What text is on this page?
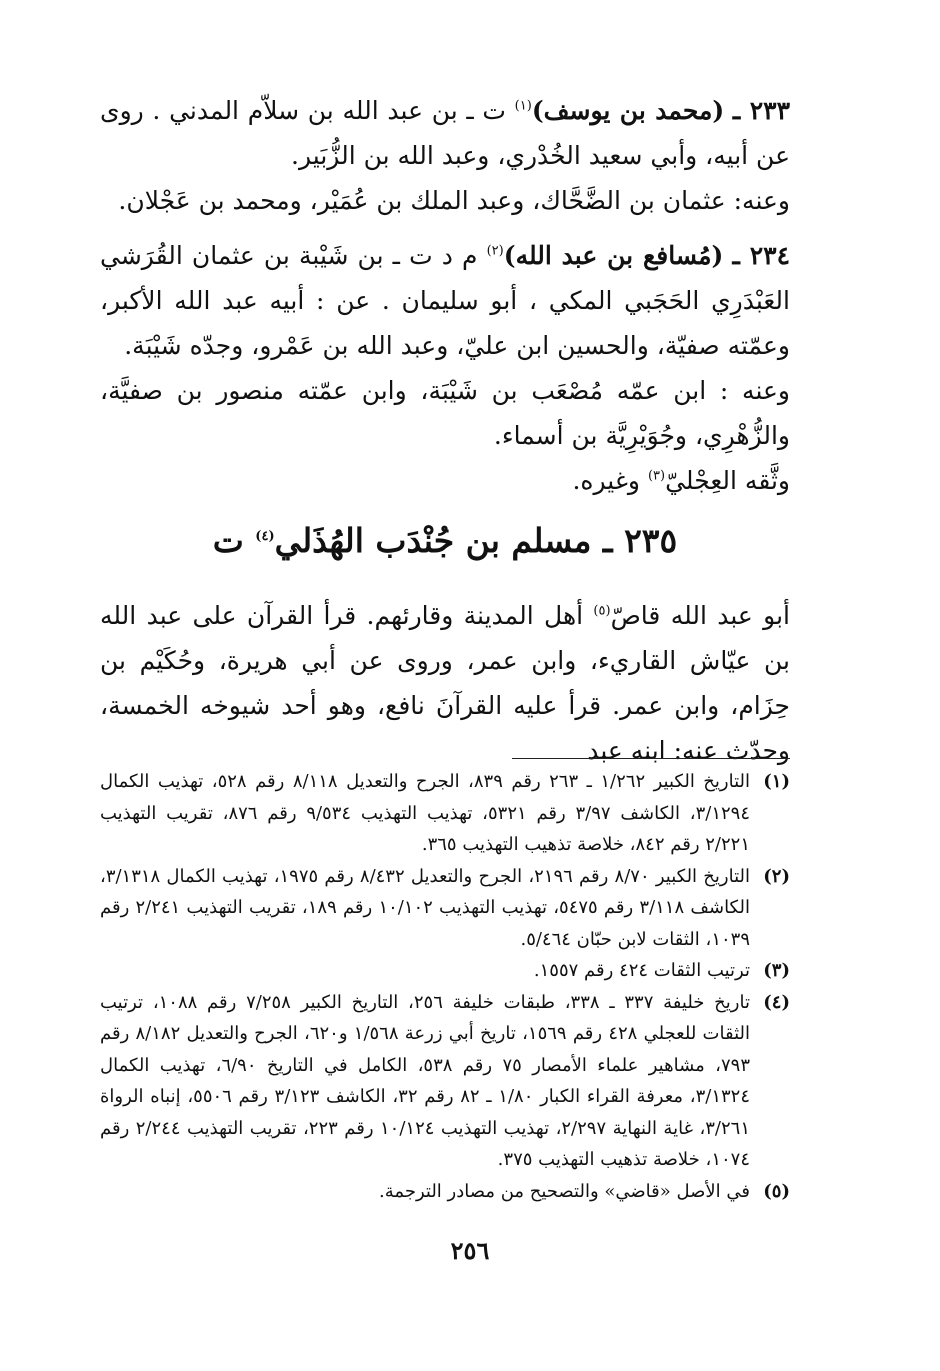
٢٣٣ ـ (محمد بن يوسف)$^{(١)}$ ت ـ بن عبد الله بن سلاّم المدني . روى عن أبيه، وأبي سعيد الخُدْري، وعبد الله بن الزُّبَير.

وعنه: عثمان بن الضَّحَّاك، وعبد الملك بن عُمَيْر، ومحمد بن عَجْلان.

٢٣٤ ـ (مُسافع بن عبد الله)$^{(٢)}$ م د ت ـ بن شَيْبة بن عثمان القُرَشي العَبْدَرِي الحَجَبي المكي ، أبو سليمان . عن : أبيه عبد الله الأكبر، وعمّته صفيّة، والحسين ابن عليّ، وعبد الله بن عَمْرو، وجدّه شَيْبَة.

وعنه : ابن عمّه مُصْعَب بن شَيْبَة، وابن عمّته منصور بن صفيَّة، والزُّهْرِي، وجُوَيْرِيَّة بن أسماء.

وثَّقه العِجْليّ$^{(٣)}$ وغيره.

٢٣٥ ـ مسلم بن جُنْدَب الهُذَلي$^{(٤)}$ ت

أبو عبد الله قاصّ$^{(٥)}$ أهل المدينة وقارئهم. قرأ القرآن على عبد الله بن عيّاش القاريء، وابن عمر، وروى عن أبي هريرة، وحُكَيْم بن حِزَام، وابن عمر. قرأ عليه القرآنَ نافع، وهو أحد شيوخه الخمسة، وحدّث عنه: ابنه عبد

(١)
التاريخ الكبير ١/٢٦٢ ـ ٢٦٣ رقم ٨٣٩، الجرح والتعديل ٨/١١٨ رقم ٥٢٨، تهذيب الكمال ٣/١٢٩٤، الكاشف ٣/٩٧ رقم ٥٣٢١، تهذيب التهذيب ٩/٥٣٤ رقم ٨٧٦، تقريب التهذيب ٢/٢٢١ رقم ٨٤٢، خلاصة تذهيب التهذيب ٣٦٥.
(٢)
التاريخ الكبير ٨/٧٠ رقم ٢١٩٦، الجرح والتعديل ٨/٤٣٢ رقم ١٩٧٥، تهذيب الكمال ٣/١٣١٨، الكاشف ٣/١١٨ رقم ٥٤٧٥، تهذيب التهذيب ١٠/١٠٢ رقم ١٨٩، تقريب التهذيب ٢/٢٤١ رقم ١٠٣٩، الثقات لابن حبّان ٥/٤٦٤.
(٣)
ترتيب الثقات ٤٢٤ رقم ١٥٥٧.
(٤)
تاريخ خليفة ٣٣٧ ـ ٣٣٨، طبقات خليفة ٢٥٦، التاريخ الكبير ٧/٢٥٨ رقم ١٠٨٨، ترتيب الثقات للعجلي ٤٢٨ رقم ١٥٦٩، تاريخ أبي زرعة ١/٥٦٨ و٦٢٠، الجرح والتعديل ٨/١٨٢ رقم ٧٩٣، مشاهير علماء الأمصار ٧٥ رقم ٥٣٨، الكامل في التاريخ ٦/٩٠، تهذيب الكمال ٣/١٣٢٤، معرفة القراء الكبار ١/٨٠ ـ ٨٢ رقم ٣٢، الكاشف ٣/١٢٣ رقم ٥٥٠٦، إنباه الرواة ٣/٢٦١، غاية النهاية ٢/٢٩٧، تهذيب التهذيب ١٠/١٢٤ رقم ٢٢٣، تقريب التهذيب ٢/٢٤٤ رقم ١٠٧٤، خلاصة تذهيب التهذيب ٣٧٥.
(٥)
في الأصل «قاضي» والتصحيح من مصادر الترجمة.
٢٥٦
